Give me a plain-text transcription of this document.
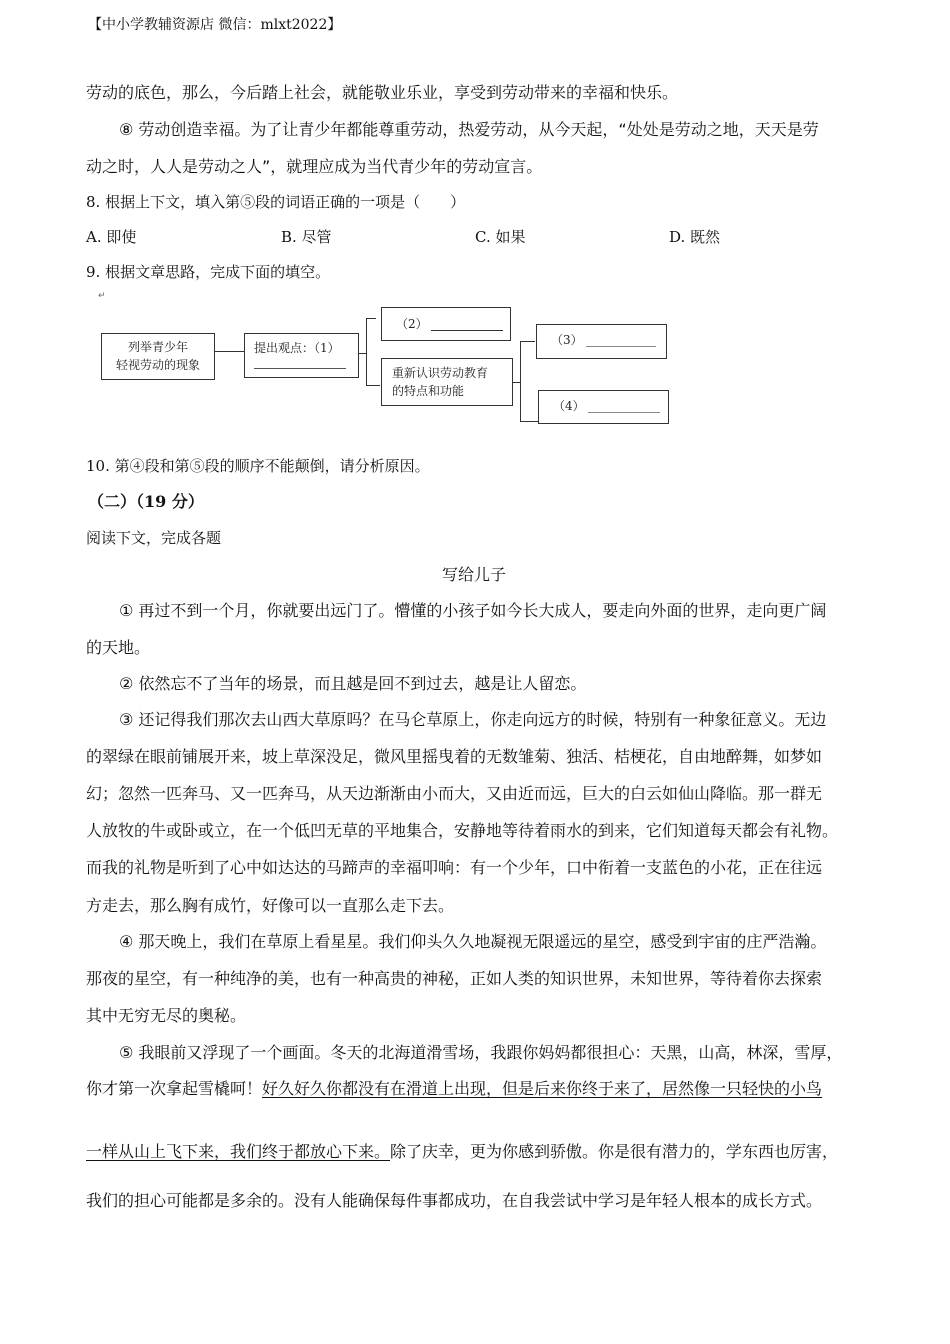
【中小学教辅资源店 微信：mlxt2022】
劳动的底色，那么，今后踏上社会，就能敬业乐业，享受到劳动带来的幸福和快乐。
⑧ 劳动创造幸福。为了让青少年都能尊重劳动，热爱劳动，从今天起，“处处是劳动之地，天天是劳
动之时，人人是劳动之人”，就理应成为当代青少年的劳动宣言。
8. 根据上下文，填入第⑤段的词语正确的一项是（　　）
A. 即使	B. 尽管	C. 如果	D. 既然
9. 根据文章思路，完成下面的填空。
↵
列举青少年
轻视劳动的现象
提出观点：（1）
（2）
重新认识劳动教育
的特点和功能
（3）
（4）
10. 第④段和第⑤段的顺序不能颠倒，请分析原因。
（二）（19 分）
阅读下文，完成各题
写给儿子
① 再过不到一个月，你就要出远门了。懵懂的小孩子如今长大成人，要走向外面的世界，走向更广阔
的天地。
② 依然忘不了当年的场景，而且越是回不到过去，越是让人留恋。
③ 还记得我们那次去山西大草原吗？在马仑草原上，你走向远方的时候，特别有一种象征意义。无边
的翠绿在眼前铺展开来，坡上草深没足，微风里摇曳着的无数雏菊、独活、桔梗花，自由地醉舞，如梦如
幻；忽然一匹奔马、又一匹奔马，从天边渐渐由小而大，又由近而远，巨大的白云如仙山降临。那一群无
人放牧的牛或卧或立，在一个低凹无草的平地集合，安静地等待着雨水的到来，它们知道每天都会有礼物。
而我的礼物是听到了心中如达达的马蹄声的幸福叩响：有一个少年，口中衔着一支蓝色的小花，正在往远
方走去，那么胸有成竹，好像可以一直那么走下去。
④ 那天晚上，我们在草原上看星星。我们仰头久久地凝视无限遥远的星空，感受到宇宙的庄严浩瀚。
那夜的星空，有一种纯净的美，也有一种高贵的神秘，正如人类的知识世界，未知世界，等待着你去探索
其中无穷无尽的奥秘。
⑤ 我眼前又浮现了一个画面。冬天的北海道滑雪场，我跟你妈妈都很担心：天黑，山高，林深，雪厚，
你才第一次拿起雪橇呵！好久好久你都没有在滑道上出现，但是后来你终于来了，居然像一只轻快的小鸟
一样从山上飞下来，我们终于都放心下来。除了庆幸，更为你感到骄傲。你是很有潜力的，学东西也厉害，
我们的担心可能都是多余的。没有人能确保每件事都成功，在自我尝试中学习是年轻人根本的成长方式。
